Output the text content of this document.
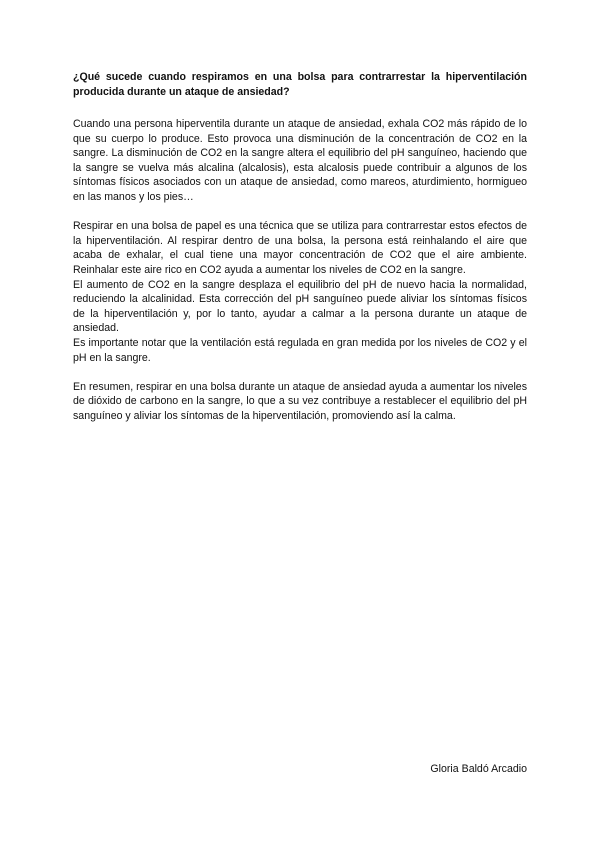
¿Qué sucede cuando respiramos en una bolsa para contrarrestar la hiperventilación producida durante un ataque de ansiedad?

Cuando una persona hiperventila durante un ataque de ansiedad, exhala CO2 más rápido de lo que su cuerpo lo produce. Esto provoca una disminución de la concentración de CO2 en la sangre. La disminución de CO2 en la sangre altera el equilibrio del pH sanguíneo, haciendo que la sangre se vuelva más alcalina (alcalosis), esta alcalosis puede contribuir a algunos de los síntomas físicos asociados con un ataque de ansiedad, como mareos, aturdimiento, hormigueo en las manos y los pies…

Respirar en una bolsa de papel es una técnica que se utiliza para contrarrestar estos efectos de la hiperventilación. Al respirar dentro de una bolsa, la persona está reinhalando el aire que acaba de exhalar, el cual tiene una mayor concentración de CO2 que el aire ambiente. Reinhalar este aire rico en CO2 ayuda a aumentar los niveles de CO2 en la sangre.

El aumento de CO2 en la sangre desplaza el equilibrio del pH de nuevo hacia la normalidad, reduciendo la alcalinidad. Esta corrección del pH sanguíneo puede aliviar los síntomas físicos de la hiperventilación y, por lo tanto, ayudar a calmar a la persona durante un ataque de ansiedad.

Es importante notar que la ventilación está regulada en gran medida por los niveles de CO2 y el pH en la sangre.

En resumen, respirar en una bolsa durante un ataque de ansiedad ayuda a aumentar los niveles de dióxido de carbono en la sangre, lo que a su vez contribuye a restablecer el equilibrio del pH sanguíneo y aliviar los síntomas de la hiperventilación, promoviendo así la calma.

Gloria Baldó Arcadio
